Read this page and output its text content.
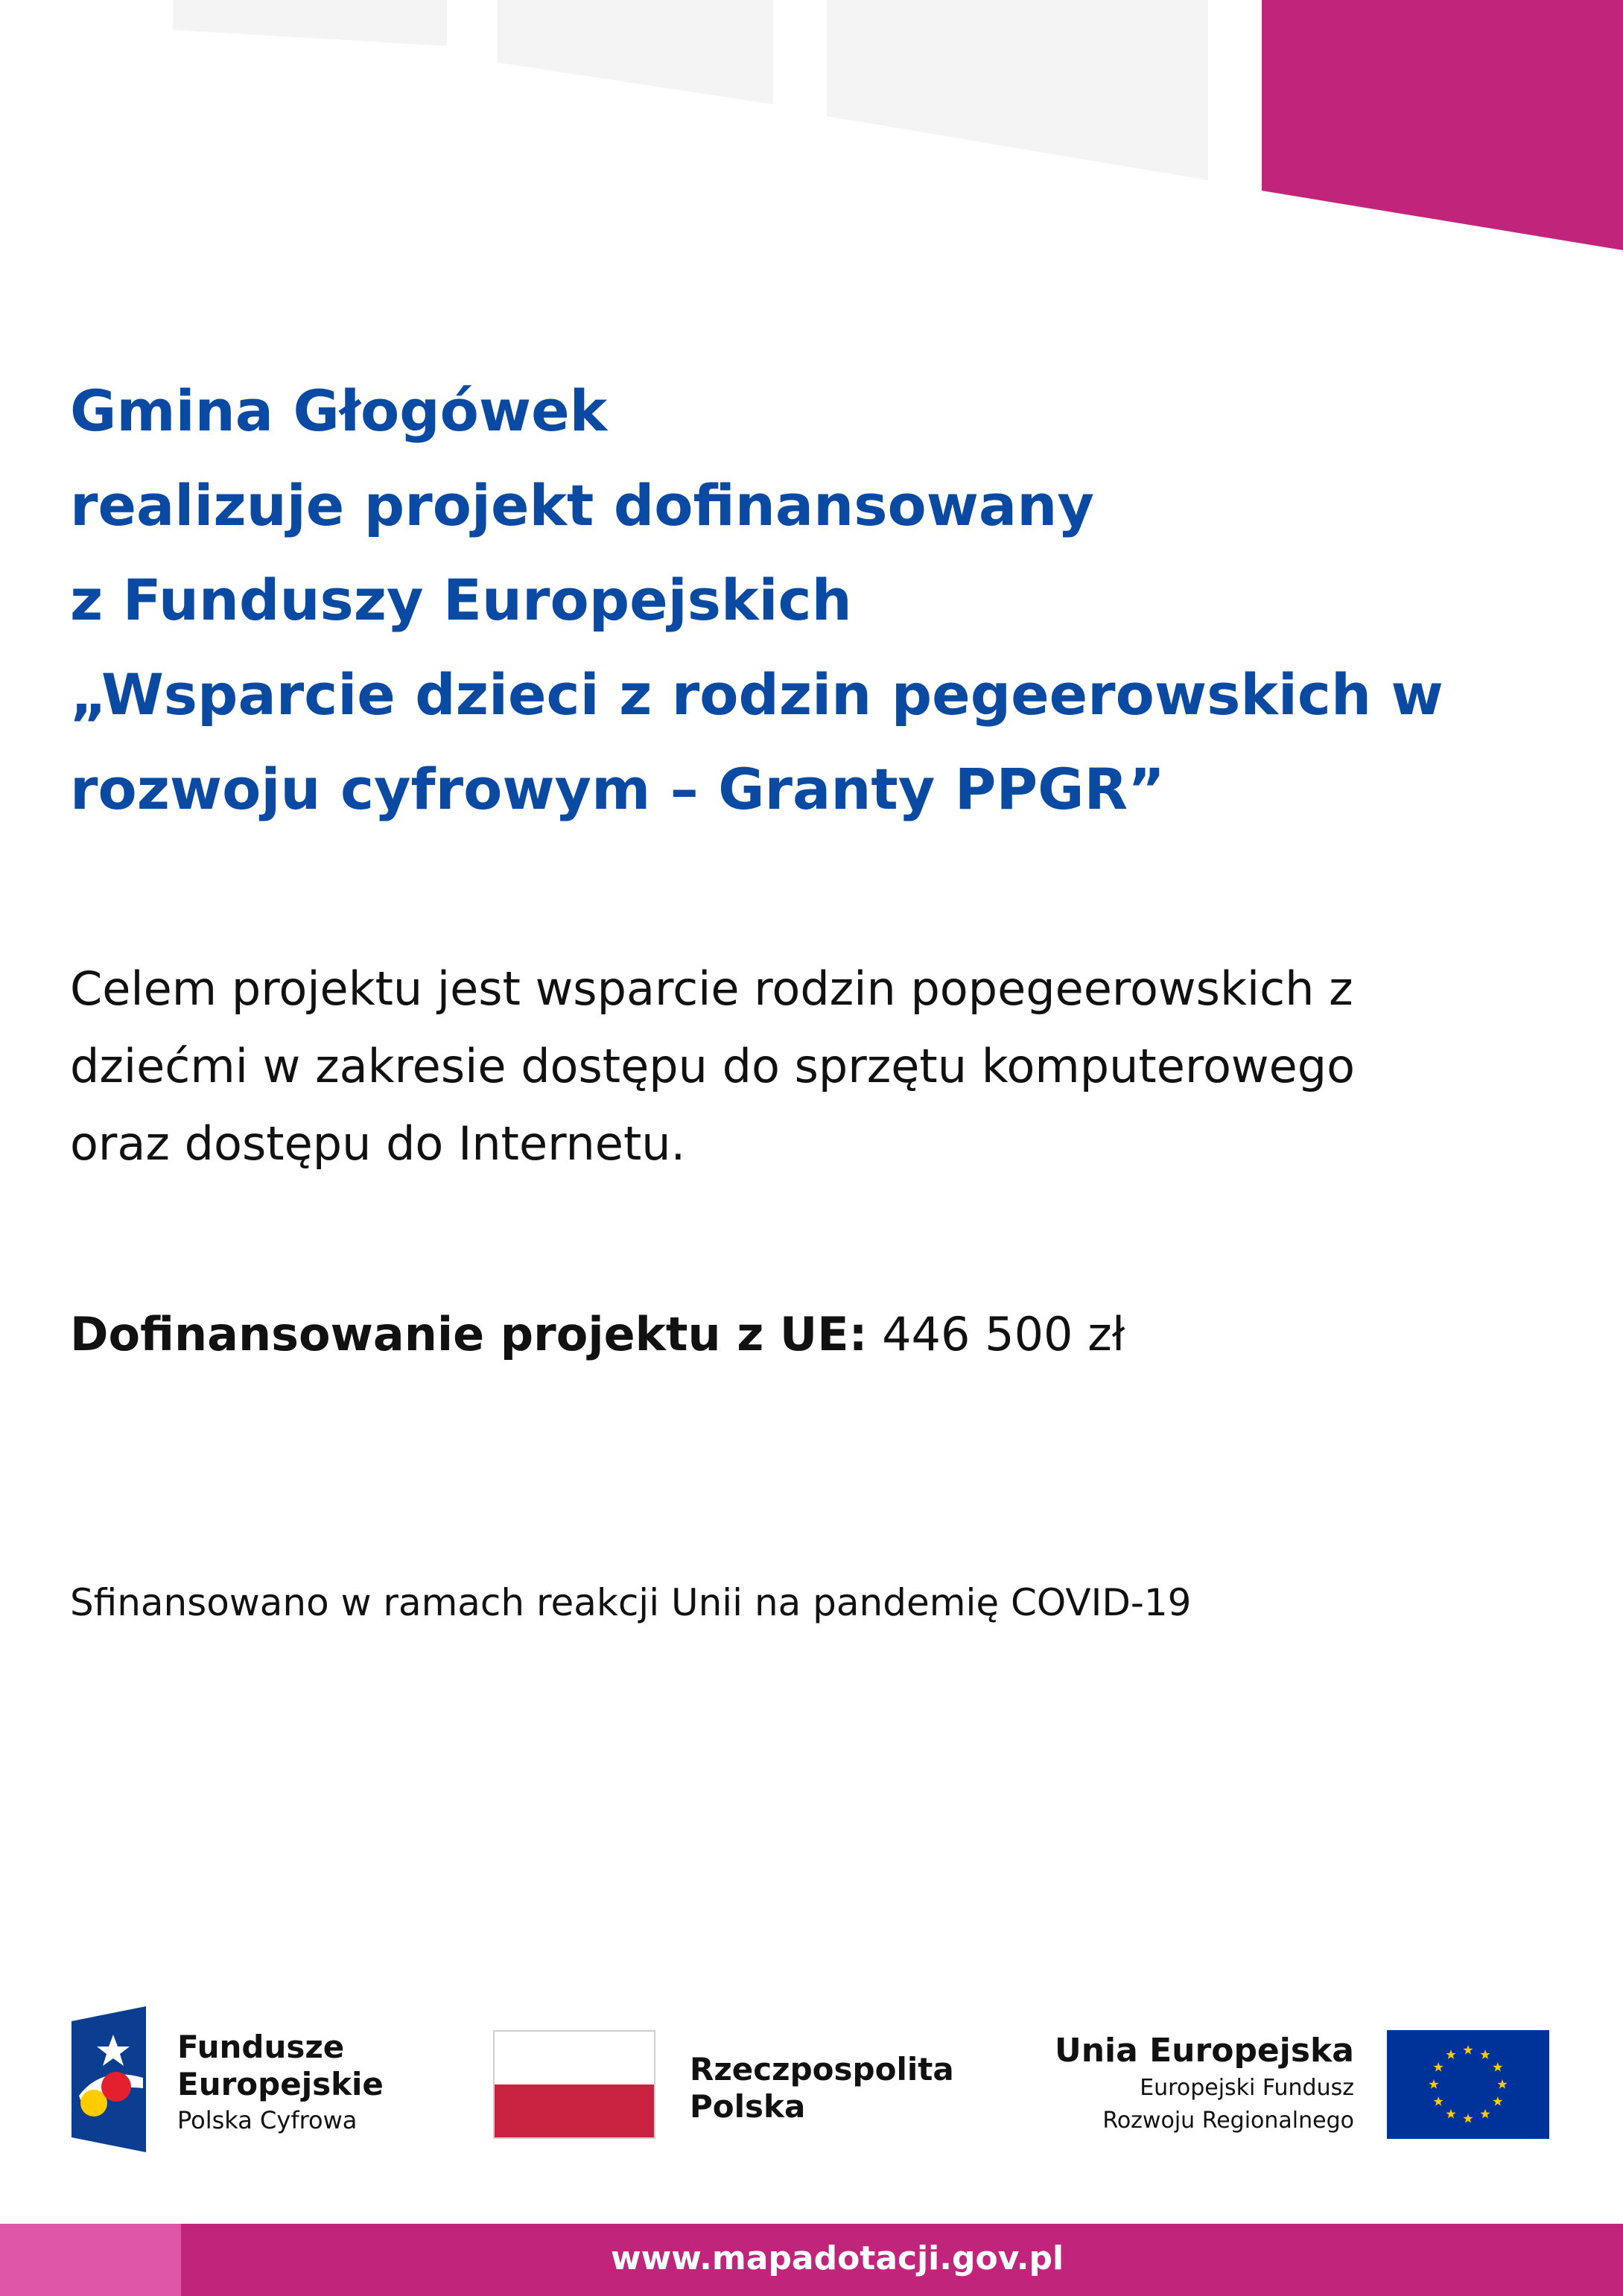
Gmina Głogówek
realizuje projekt dofinansowany
z Funduszy Europejskich
„Wsparcie dzieci z rodzin pegeerowskich w
rozwoju cyfrowym – Granty PPGR”

Celem projektu jest wsparcie rodzin popegeerowskich z
dziećmi w zakresie dostępu do sprzętu komputerowego
oraz dostępu do Internetu.

Dofinansowanie projektu z UE: 446 500 zł

Sfinansowano w ramach reakcji Unii na pandemię COVID-19

Fundusze
Europejskie
Polska Cyfrowa
Rzeczpospolita
Polska
Unia Europejska
Europejski Fundusz
Rozwoju Regionalnego
www.mapadotacji.gov.pl
